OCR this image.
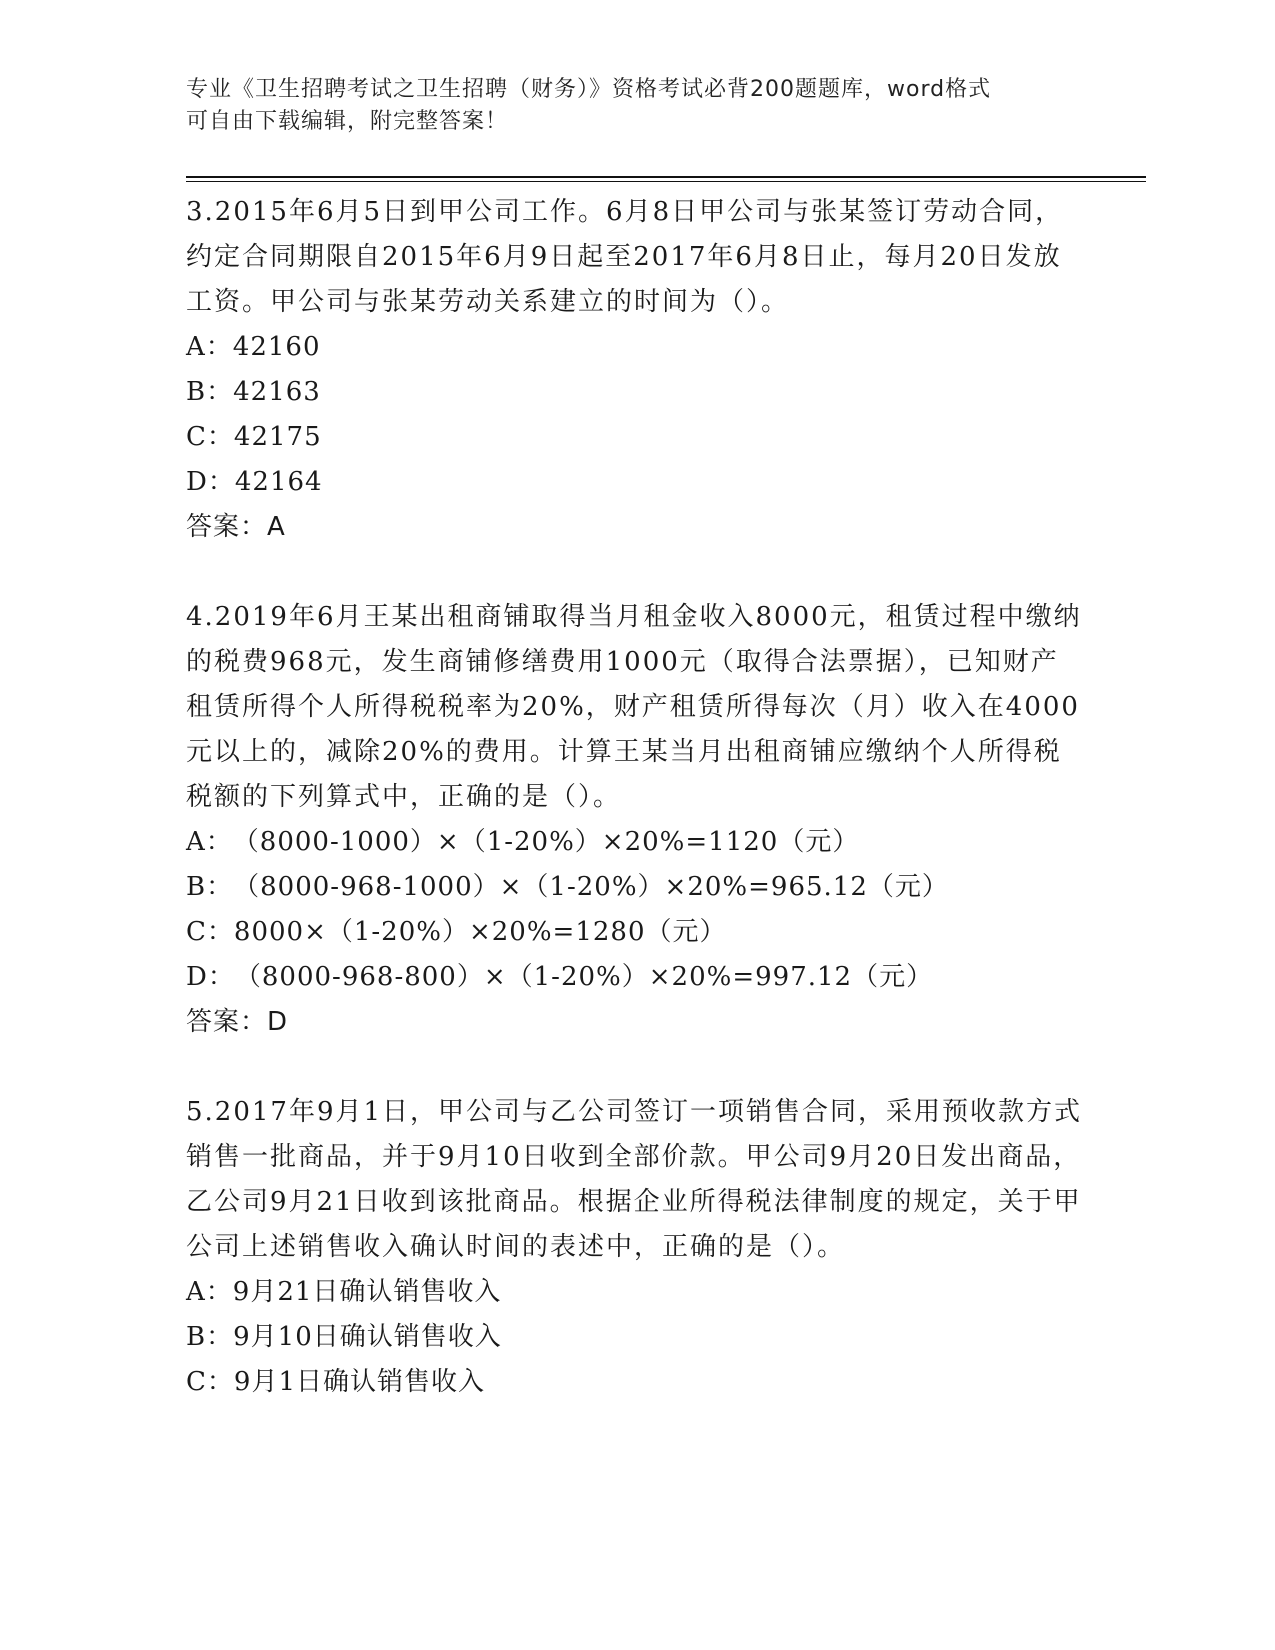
专业《卫生招聘考试之卫生招聘（财务）》资格考试必背200题题库，word格式
可自由下载编辑，附完整答案！

3.2015年6月5日到甲公司工作。6月8日甲公司与张某签订劳动合同，约定合同期限自2015年6月9日起至2017年6月8日止，每月20日发放工资。甲公司与张某劳动关系建立的时间为（）。

A：42160

B：42163

C：42175

D：42164

答案：A

4.2019年6月王某出租商铺取得当月租金收入8000元，租赁过程中缴纳的税费968元，发生商铺修缮费用1000元（取得合法票据），已知财产租赁所得个人所得税税率为20%，财产租赁所得每次（月）收入在4000元以上的，减除20%的费用。计算王某当月出租商铺应缴纳个人所得税税额的下列算式中，正确的是（）。

A：（8000-1000）×（1-20%）×20%=1120（元）

B：（8000-968-1000）×（1-20%）×20%=965.12（元）

C：8000×（1-20%）×20%=1280（元）

D：（8000-968-800）×（1-20%）×20%=997.12（元）

答案：D

5.2017年9月1日，甲公司与乙公司签订一项销售合同，采用预收款方式销售一批商品，并于9月10日收到全部价款。甲公司9月20日发出商品，乙公司9月21日收到该批商品。根据企业所得税法律制度的规定，关于甲公司上述销售收入确认时间的表述中，正确的是（）。

A：9月21日确认销售收入

B：9月10日确认销售收入

C：9月1日确认销售收入
